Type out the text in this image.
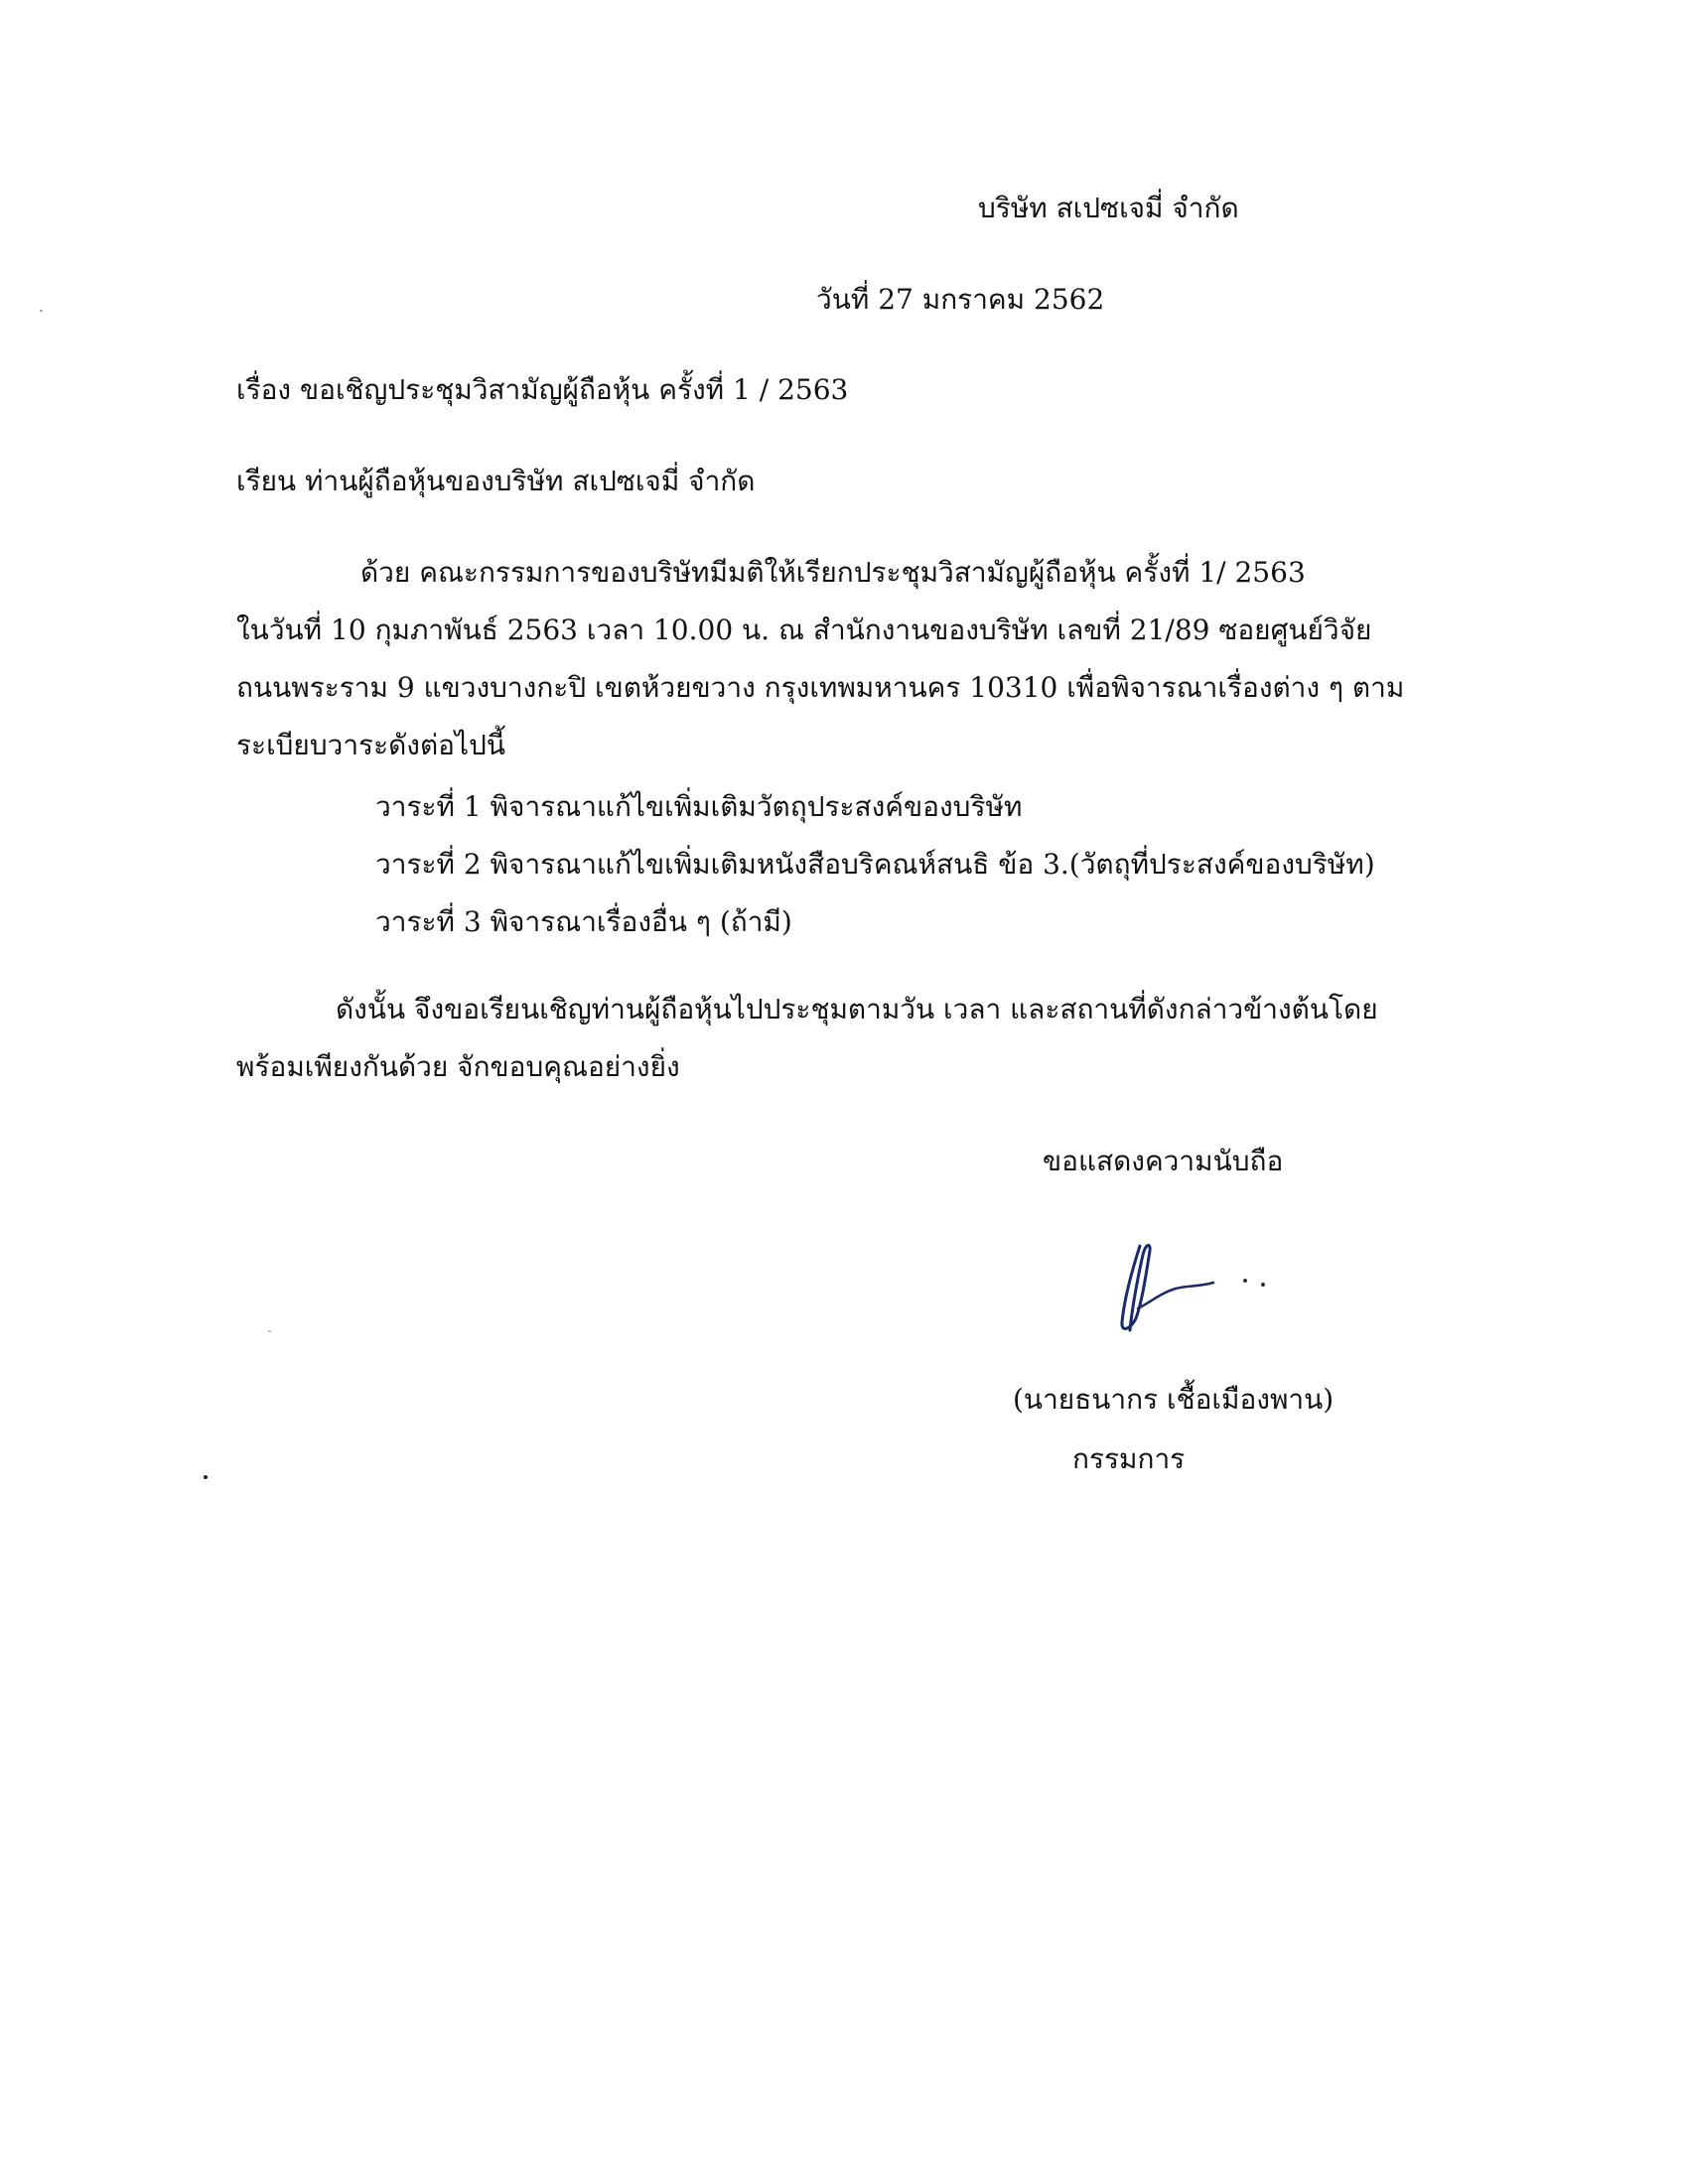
บริษัท สเปซเจมี่ จำกัด

วันที่ 27 มกราคม 2562

เรื่อง ขอเชิญประชุมวิสามัญผู้ถือหุ้น ครั้งที่ 1 / 2563

เรียน ท่านผู้ถือหุ้นของบริษัท สเปซเจมี่ จำกัด

ด้วย คณะกรรมการของบริษัทมีมติให้เรียกประชุมวิสามัญผู้ถือหุ้น ครั้งที่ 1/ 2563
ในวันที่ 10 กุมภาพันธ์ 2563 เวลา 10.00 น. ณ สำนักงานของบริษัท เลขที่ 21/89 ซอยศูนย์วิจัย
ถนนพระราม 9 แขวงบางกะปิ เขตห้วยขวาง กรุงเทพมหานคร 10310 เพื่อพิจารณาเรื่องต่าง ๆ ตาม
ระเบียบวาระดังต่อไปนี้
วาระที่ 1 พิจารณาแก้ไขเพิ่มเติมวัตถุประสงค์ของบริษัท
วาระที่ 2 พิจารณาแก้ไขเพิ่มเติมหนังสือบริคณห์สนธิ ข้อ 3.(วัตถุที่ประสงค์ของบริษัท)
วาระที่ 3 พิจารณาเรื่องอื่น ๆ (ถ้ามี)
ดังนั้น จึงขอเรียนเชิญท่านผู้ถือหุ้นไปประชุมตามวัน เวลา และสถานที่ดังกล่าวข้างต้นโดย
พร้อมเพียงกันด้วย จักขอบคุณอย่างยิ่ง

ขอแสดงความนับถือ

(นายธนากร เชื้อเมืองพาน)

กรรมการ
